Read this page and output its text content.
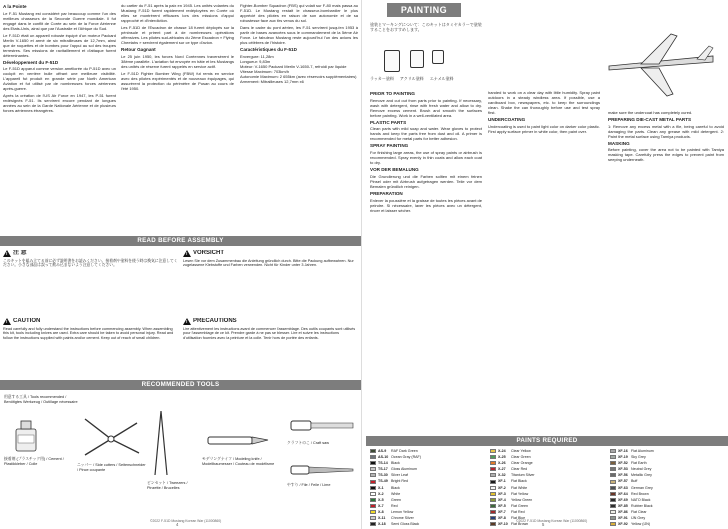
A la Pointe

Le F-51 Mustang est considéré par beaucoup comme l'un des meilleurs chasseurs de la Seconde Guerre mondiale. Il fut engagé dans le conflit de Corée au sein de la Force Aérienne des Etats-Unis, ainsi que par l'Australie et l'Afrique du Sud.

Le F-51D était un appareil robuste équipé d'un moteur Packard Merlin V-1650 et armé de six mitrailleuses de 12,7mm, ainsi que de roquettes et de bombes pour l'appui au sol des troupes terrestres. Ses missions de ravitaillement et d'attaque furent déterminantes.

Développement du F-51D

Le F-51D apparut comme version améliorée du P-51D avec un cockpit en verrière bulle offrant une meilleure visibilité. L'appareil fut produit en grande série par North American Aviation et fut utilisé par de nombreuses forces aériennes après-guerre.

Après la création de l'US Air Force en 1947, les P-51 furent redésignés F-51. Ils servirent encore pendant de longues années au sein de la Garde Nationale Aérienne et de plusieurs forces aériennes étrangères.

du cartier du F-51 après la paix en 1945. Les unités volantes du Mustang F-51D furent rapidement redéployées en Corée où elles se montrèrent efficaces lors des missions d'appui rapproché et d'interdiction.

Les F-51D de l'Escadron de chasse 18 furent déployés sur la péninsule et prirent part à de nombreuses opérations offensives. Les pilotes sud-africains du 2ème Escadron « Flying Cheetahs » servirent également sur ce type d'avion.

Retour Gagnant

Le 25 juin 1950, les forces Nord Coréennes traversèrent le 38ème parallèle. L'aviation fut envoyée en hâte et les Mustangs des unités de réserve furent rappelés en service actif.

Le F-51D Fighter Bomber Wing (FBW) fut remis en service avec des pilotes expérimentés et de nouveaux équipages, qui assurèrent la protection du périmètre de Pusan au cours de l'été 1950.

Fighter-Bomber Squadron (FBS) qui volait sur F-80 mais passa au F-51D. Le Mustang restait le chasseur-bombardier le plus apprécié des pilotes en raison de son autonomie et de sa robustesse face aux tirs venus du sol.

Dans le cadre du pont aérien, les F-51 servirent jusqu'en 1953 à partir de bases avancées sous le commandement de la 5ème Air Force. Le fabuleux Mustang reste aujourd'hui l'un des avions les plus célèbres de l'histoire.

Caractéristiques du F-51D
Envergure: 11,28m
Longueur: 9,83m
Moteur: V-1650 Packard Merlin V-1650-7, refroidi par liquide
Vitesse Maximum: 703km/h
Autonomie Maximum: 2 655km (avec réservoirs supplémentaires)
Armement: Mitrailleuses 12,7mm x6
READ BEFORE ASSEMBLY
!
注 意
このキットを組み立てる前に必ず説明書をお読みください。接着剤や塗料を使う時は換気に注意してください。小さな部品は誤って飲み込まないよう注意してください。
!
VORSICHT
Lesen Sie vor dem Zusammenbau die Anleitung gründlich durch. Bitte die Packung aufbewahren. Nur zugelassene Klebstoffe und Farben verwenden. Nicht für Kinder unter 3 Jahren.
!
CAUTION
Read carefully and fully understand the instructions before commencing assembly. When assembling this kit, tools including knives are used. Extra care should be taken to avoid personal injury. Read and follow the instructions supplied with paints and/or cement. Keep out of reach of small children.
!
PRECAUTIONS
Lire attentivement les instructions avant de commencer l'assemblage. Des outils coupants sont utilisés pour l'assemblage de ce kit. Prendre garde à ne pas se blesser. Lire et suivre les instructions d'utilisation fournies avec la peinture et la colle. Tenir hors de portée des enfants.
RECOMMENDED TOOLS
用意する工具 / Tools recommended / Benötigtes Werkzeug / Outillage nécessaire
接着剤 (プラスチック用) / Cement / Plastikkleber / Colle	ニッパー / Side cutters / Seitenschneider / Pince coupante
ピンセット / Tweezers / Pinzette / Brucelles
モデリングナイフ / Modeling knife / Modellbaumesser / Couteau de modélisme
クラフトのこ / Craft saw
やすり / File / Feile / Lime
©2022 F-51D Mustang Korean War (11000860)
4
PAINTING
塗装とマーキングについて：このキットはタミヤカラーで塗装することをおすすめします。
ラッカー塗料 アクリル塗料 エナメル塗料
PRIOR TO PAINTING

Remove and cut out from parts prior to painting. If necessary, wash with detergent, rinse with fresh water and allow to dry. Remove excess cement. Brush and smooth the surfaces before painting. Work in a well-ventilated area.

PLASTIC PARTS

Clean parts with mild soap and water. Wear gloves to protect hands and keep the parts free from dust and oil. A primer is recommended for metal parts for better adhesion.

SPRAY PAINTING

For finishing large areas, the use of spray paints or airbrush is recommended. Spray evenly in thin coats and allow each coat to dry.

VOR DER BEMALUNG

Die Grundierung und die Farben sollten mit einem feinen Pinsel oder mit Airbrush aufgetragen werden. Teile vor dem Bemalen gründlich reinigen.

PREPARATION

Enlever la poussière et la graisse de toutes les pièces avant de peindre. Si nécessaire, laver les pièces avec un détergent, rincer et laisser sécher.

handed to work on a clear day with little humidity. Spray paint outdoors in a steady windless area. If possible, use a cardboard box, newspapers, etc. to keep the surroundings clean. Shake the can thoroughly before use and test spray first.

UNDERCOATING

Undercoating is used to paint light color on darker color plastic. First apply surface primer in white color, then paint over.

make sure the undercoat has completely cured.

PREPARING DIE-CAST METAL PARTS

1: Remove any excess metal with a file, being careful to avoid damaging the parts. Clean any grease with mild detergent. 2: Paint the metal surface using Tamiya products.

MASKING

Before painting, cover the area not to be painted with Tamiya masking tape. Carefully press the edges to prevent paint from seeping underneath.

PAINTS REQUIRED
AS-9	RAF Dark Green
AS-10 Ocean Gray (RAF)
TS-14 Black
TS-17 Gloss Aluminum
TS-30 Silver Leaf
TS-49 Bright Red
X-1	Black
X-2	White
X-5	Green
X-7	Red
X-8	Lemon Yellow
X-11	Chrome Silver
X-18	Semi Gloss Black
X-24	Clear Yellow
X-25	Clear Green
X-26	Clear Orange
X-27	Clear Red
X-32	Titanium Silver
XF-1	Flat Black
XF-2	Flat White
XF-3	Flat Yellow
XF-4	Yellow Green
XF-5	Flat Green
XF-7	Flat Red
XF-8	Flat Blue
XF-10 Flat Brown
XF-16 Flat Aluminum
XF-19 Sky Grey
XF-52 Flat Earth
XF-53 Neutral Grey
XF-56 Metallic Grey
XF-57 Buff
XF-63 German Grey
XF-64 Red Brown
XF-69 NATO Black
XF-85 Rubber Black
XF-86 Flat Clear
XF-91 IJN Grey
XF-92 Yellow (IJN)
©2022 F-51D Mustang Korean War (11000860)
5
